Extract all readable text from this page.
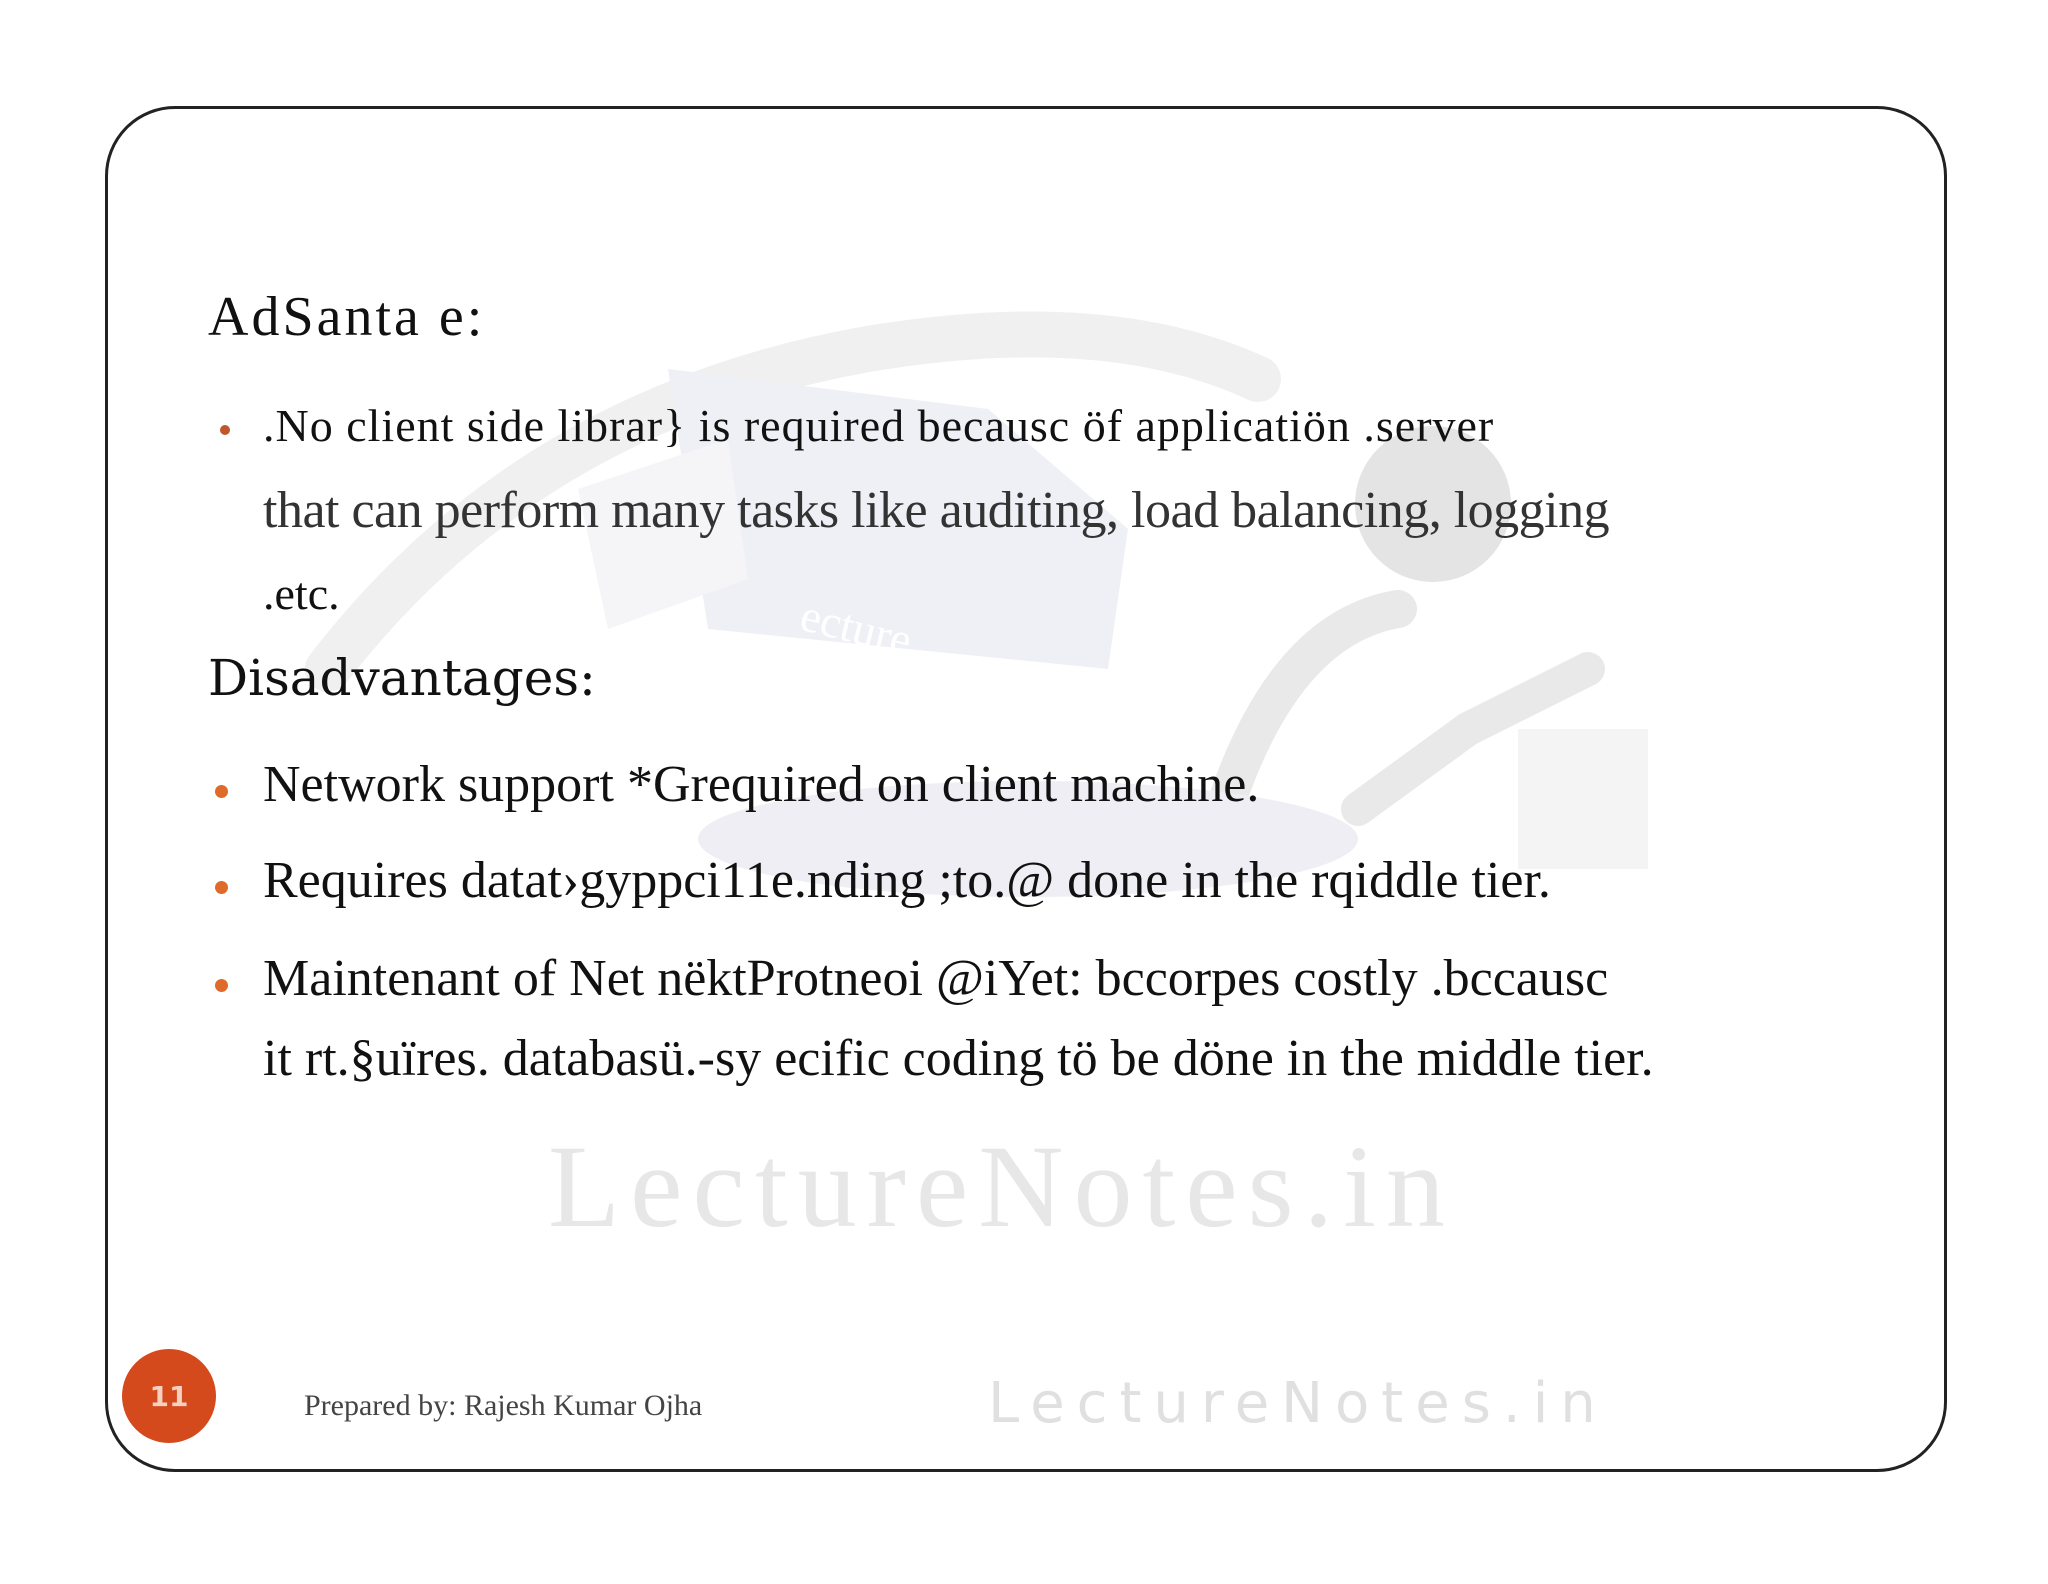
ecture
LectureNotes.in
AdSanta e:
.No client side librar} is required becausc öf applicatiön .server
that can perform many tasks like auditing, load balancing, logging
.etc.
Disadvantages:
Network support *Grequired on client machine.
Requires datat›gyppci11e.nding ;to.@ done in the rqiddle tier.
Maintenant of Net nëktProtneoi @iYet: bccorpes costly .bccausc
it rt.§uïres. databasü.-sy ecific coding tö be döne in the middle tier.
11	Prepared by: Rajesh Kumar Ojha	LectureNotes.in
